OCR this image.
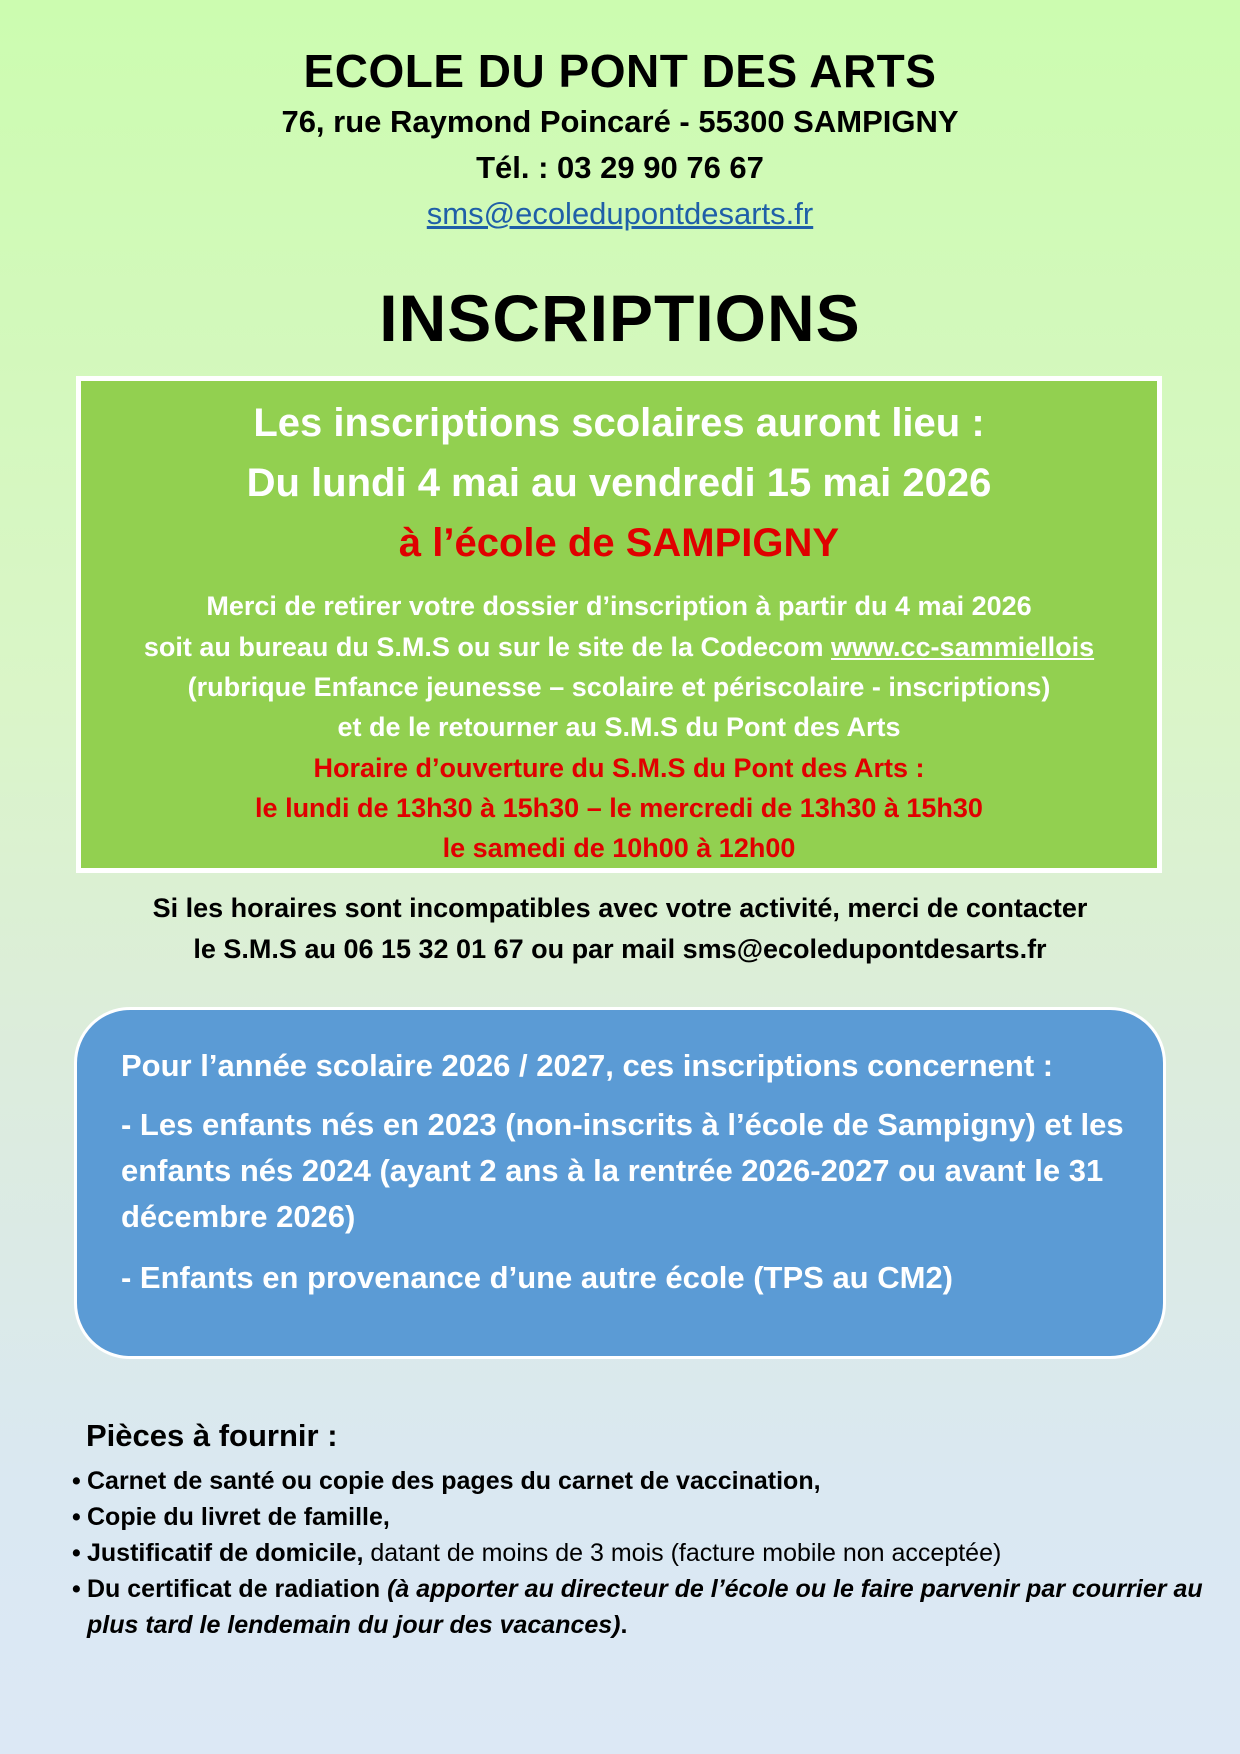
ECOLE DU PONT DES ARTS
76, rue Raymond Poincaré - 55300 SAMPIGNY
Tél. : 03 29 90 76 67
sms@ecoledupontdesarts.fr
INSCRIPTIONS
Les inscriptions scolaires auront lieu :
Du lundi 4 mai au vendredi 15 mai 2026
à l’école de SAMPIGNY
Merci de retirer votre dossier d’inscription à partir du 4 mai 2026
soit au bureau du S.M.S ou sur le site de la Codecom www.cc-sammiellois
(rubrique Enfance jeunesse – scolaire et périscolaire - inscriptions)
et de le retourner au S.M.S du Pont des Arts
Horaire d’ouverture du S.M.S du Pont des Arts :
le lundi de 13h30 à 15h30 – le mercredi de 13h30 à 15h30
le samedi de 10h00 à 12h00
Si les horaires sont incompatibles avec votre activité, merci de contacter
le S.M.S au 06 15 32 01 67 ou par mail sms@ecoledupontdesarts.fr
Pour l’année scolaire 2026 / 2027, ces inscriptions concernent :
- Les enfants nés en 2023 (non-inscrits à l’école de Sampigny) et les enfants nés 2024 (ayant 2 ans à la rentrée 2026-2027 ou avant le 31 décembre 2026)
- Enfants en provenance d’une autre école (TPS au CM2)
Pièces à fournir :
• Carnet de santé ou copie des pages du carnet de vaccination,
• Copie du livret de famille,
• Justificatif de domicile, datant de moins de 3 mois (facture mobile non acceptée)
• Du certificat de radiation (à apporter au directeur de l’école ou le faire parvenir par courrier au plus tard le lendemain du jour des vacances).
